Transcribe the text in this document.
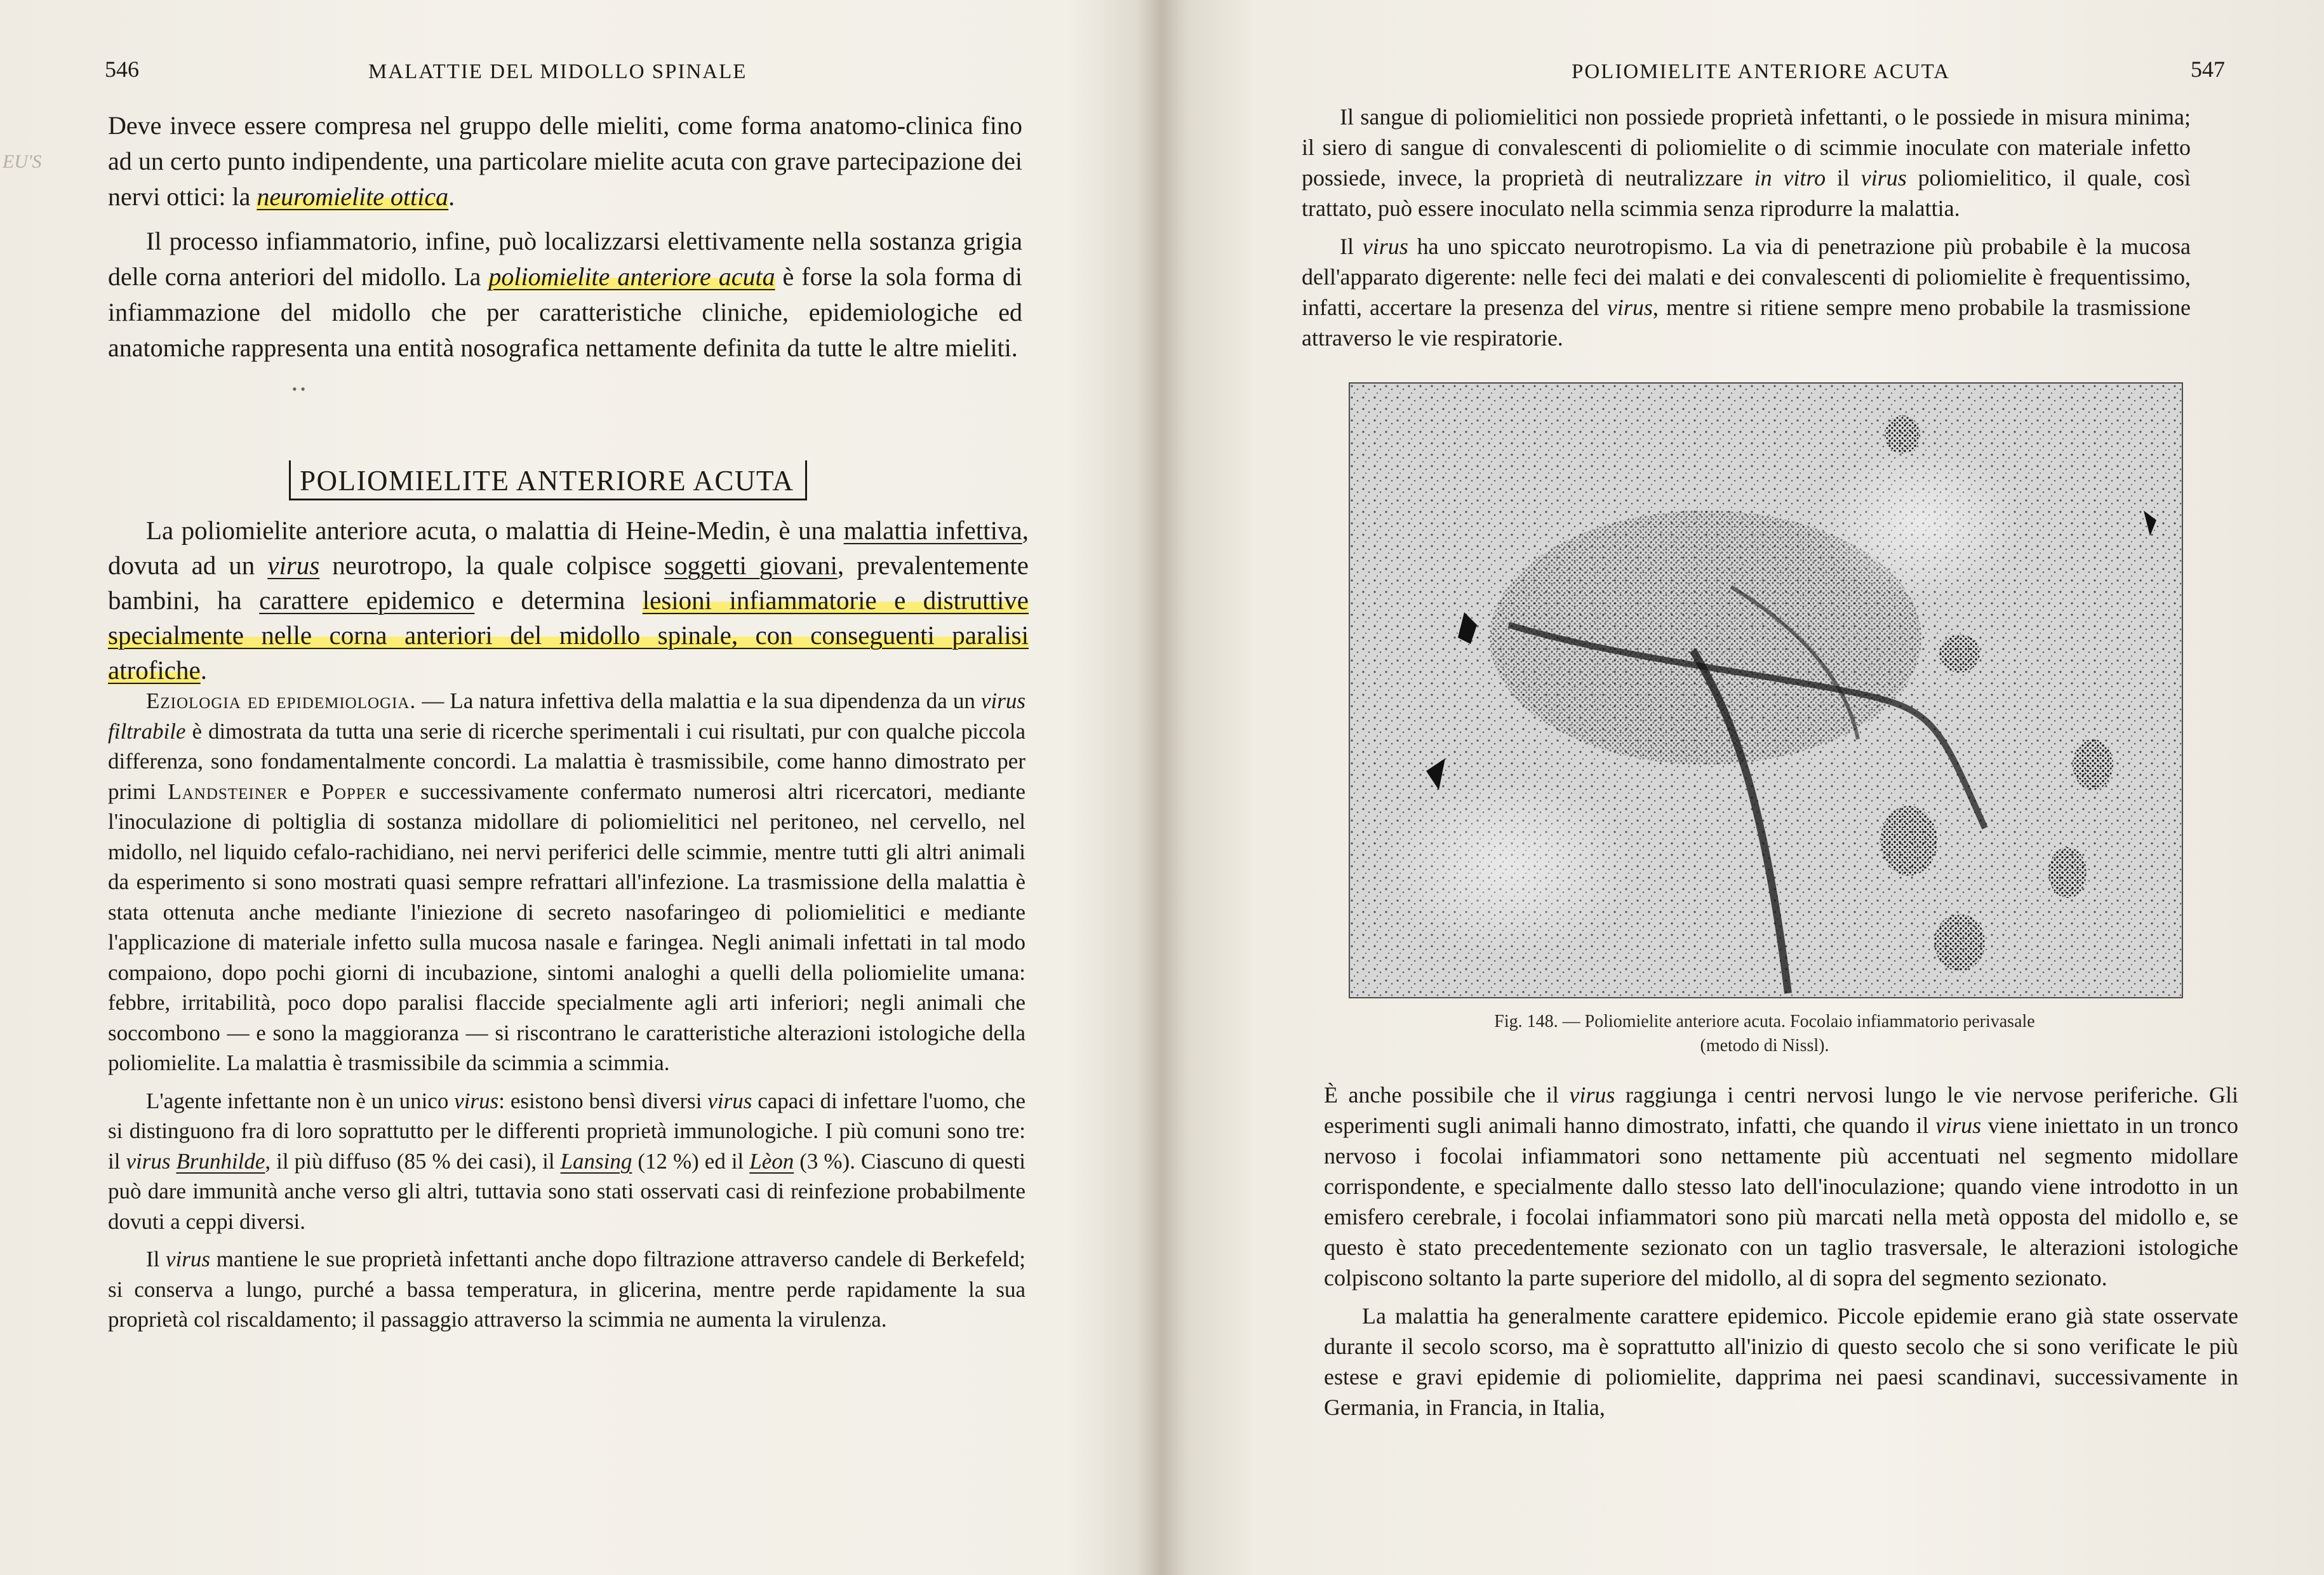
546	MALATTIE DEL MIDOLLO SPINALE
EU'S

Deve invece essere compresa nel gruppo delle mieliti, come forma anatomo-clinica fino ad un certo punto indipendente, una particolare mielite acuta con grave partecipazione dei nervi ottici: la neuromielite ottica.

Il processo infiammatorio, infine, può localizzarsi elettivamente nella sostanza grigia delle corna anteriori del midollo. La poliomielite anteriore acuta è forse la sola forma di infiammazione del midollo che per caratteristiche cliniche, epidemiologiche ed anatomiche rappresenta una entità nosografica nettamente definita da tutte le altre mieliti.

• •
POLIOMIELITE ANTERIORE ACUTA

La poliomielite anteriore acuta, o malattia di Heine-Medin, è una malattia infettiva, dovuta ad un virus neurotropo, la quale colpisce soggetti giovani, prevalentemente bambini, ha carattere epidemico e determina lesioni infiammatorie e distruttive specialmente nelle corna anteriori del midollo spinale, con conseguenti paralisi atrofiche.

Eziologia ed epidemiologia. — La natura infettiva della malattia e la sua dipendenza da un virus filtrabile è dimostrata da tutta una serie di ricerche sperimentali i cui risultati, pur con qualche piccola differenza, sono fondamentalmente concordi. La malattia è trasmissibile, come hanno dimostrato per primi Landsteiner e Popper e successivamente confermato numerosi altri ricercatori, mediante l'inoculazione di poltiglia di sostanza midollare di poliomielitici nel peritoneo, nel cervello, nel midollo, nel liquido cefalo-rachidiano, nei nervi periferici delle scimmie, mentre tutti gli altri animali da esperimento si sono mostrati quasi sempre refrattari all'infezione. La trasmissione della malattia è stata ottenuta anche mediante l'iniezione di secreto nasofaringeo di poliomielitici e mediante l'applicazione di materiale infetto sulla mucosa nasale e faringea. Negli animali infettati in tal modo compaiono, dopo pochi giorni di incubazione, sintomi analoghi a quelli della poliomielite umana: febbre, irritabilità, poco dopo paralisi flaccide specialmente agli arti inferiori; negli animali che soccombono — e sono la maggioranza — si riscontrano le caratteristiche alterazioni istologiche della poliomielite. La malattia è trasmissibile da scimmia a scimmia.

L'agente infettante non è un unico virus: esistono bensì diversi virus capaci di infettare l'uomo, che si distinguono fra di loro soprattutto per le differenti proprietà immunologiche. I più comuni sono tre: il virus Brunhilde, il più diffuso (85 % dei casi), il Lansing (12 %) ed il Lèon (3 %). Ciascuno di questi può dare immunità anche verso gli altri, tuttavia sono stati osservati casi di reinfezione probabilmente dovuti a ceppi diversi.

Il virus mantiene le sue proprietà infettanti anche dopo filtrazione attraverso candele di Berkefeld; si conserva a lungo, purché a bassa temperatura, in glicerina, mentre perde rapidamente la sua proprietà col riscaldamento; il passaggio attraverso la scimmia ne aumenta la virulenza.

POLIOMIELITE ANTERIORE ACUTA	547

Il sangue di poliomielitici non possiede proprietà infettanti, o le possiede in misura minima; il siero di sangue di convalescenti di poliomielite o di scimmie inoculate con materiale infetto possiede, invece, la proprietà di neutralizzare in vitro il virus poliomielitico, il quale, così trattato, può essere inoculato nella scimmia senza riprodurre la malattia.

Il virus ha uno spiccato neurotropismo. La via di penetrazione più probabile è la mucosa dell'apparato digerente: nelle feci dei malati e dei convalescenti di poliomielite è frequentissimo, infatti, accertare la presenza del virus, mentre si ritiene sempre meno probabile la trasmissione attraverso le vie respiratorie.

Fig. 148. — Poliomielite anteriore acuta. Focolaio infiammatorio perivasale
(metodo di Nissl).

È anche possibile che il virus raggiunga i centri nervosi lungo le vie nervose periferiche. Gli esperimenti sugli animali hanno dimostrato, infatti, che quando il virus viene iniettato in un tronco nervoso i focolai infiammatori sono nettamente più accentuati nel segmento midollare corrispondente, e specialmente dallo stesso lato dell'inoculazione; quando viene introdotto in un emisfero cerebrale, i focolai infiammatori sono più marcati nella metà opposta del midollo e, se questo è stato precedentemente sezionato con un taglio trasversale, le alterazioni istologiche colpiscono soltanto la parte superiore del midollo, al di sopra del segmento sezionato.

La malattia ha generalmente carattere epidemico. Piccole epidemie erano già state osservate durante il secolo scorso, ma è soprattutto all'inizio di questo secolo che si sono verificate le più estese e gravi epidemie di poliomielite, dapprima nei paesi scandinavi, successivamente in Germania, in Francia, in Italia,
